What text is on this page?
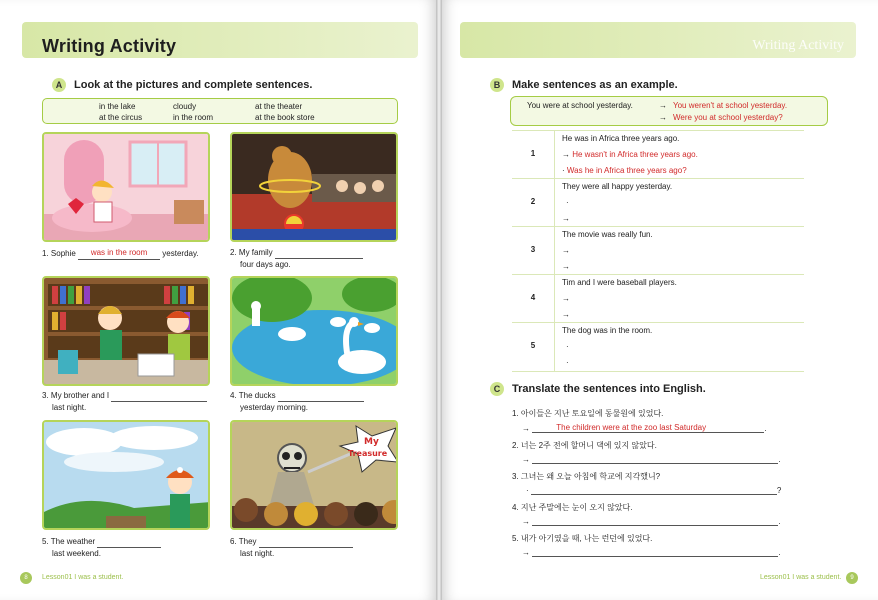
Writing Activity
A	Look at the pictures and complete sentences.
in the lake	cloudy	at the theater
at the circus	in the room	at the book store
My
Treasure
1. Sophie was in the room yesterday.	2. My family
four days ago.
3. My brother and I
last night.
4. The ducks
yesterday morning.
5. The weather
last weekend.
6. They
last night.
8	Lesson01 I was a student.
Writing Activity
B	Make sentences as an example.
You were at school yesterday.	→ You weren't at school yesterday.
→ Were you at school yesterday?
1
He was in Africa three years ago.
→ He wasn't in Africa three years ago.
· Was he in Africa three years ago?
2
They were all happy yesterday.
·
→
3
The movie was really fun.
→
→
4
Tim and I were baseball players.
→
→
5
The dog was in the room.
·
·
C	Translate the sentences into English.
1. 아이들은 지난 토요일에 동물원에 있었다.
→	The children were at the zoo last Saturday	.
2. 너는 2주 전에 할머니 댁에 있지 않았다.
→	.
3. 그녀는 왜 오늘 아침에 학교에 지각했니?
·	?
4. 지난 주말에는 눈이 오지 않았다.
→	.
5. 내가 아기였을 때, 나는 런던에 있었다.
→	.
Lesson01 I was a student.	9
